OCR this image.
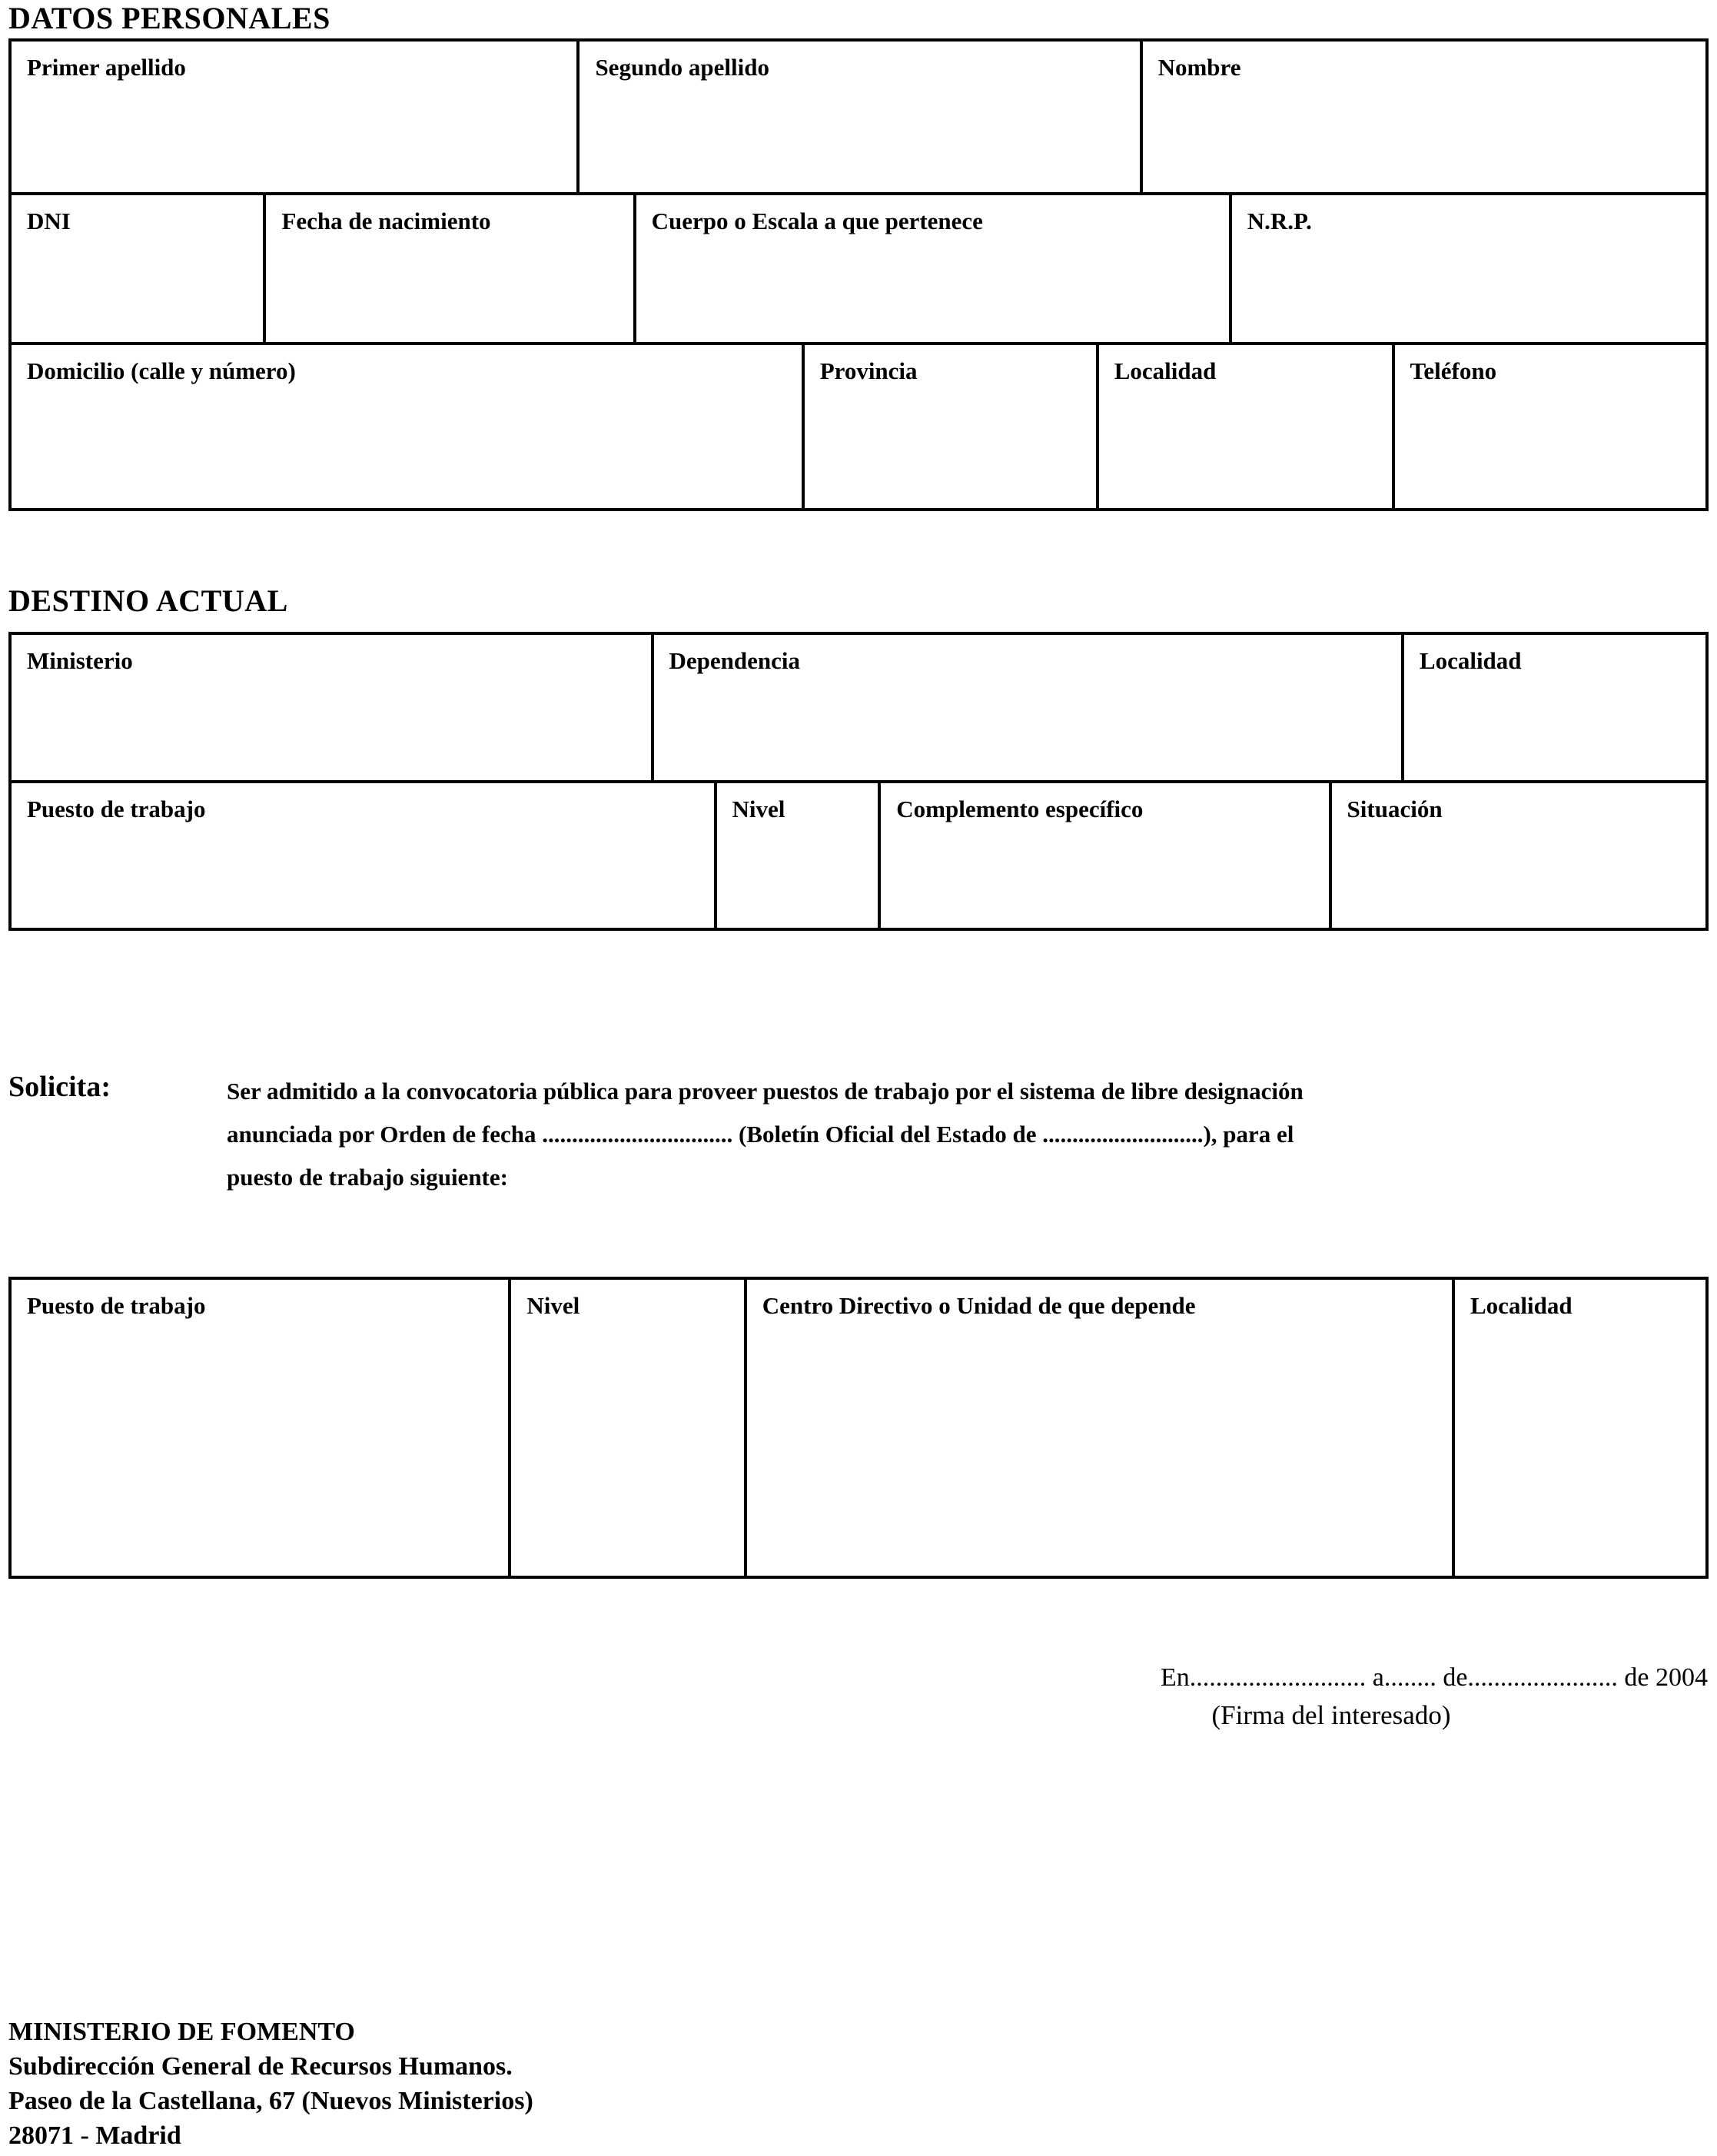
DATOS PERSONALES
Primer apellido	Segundo apellido	Nombre
DNI	Fecha de nacimiento	Cuerpo o Escala a que pertenece	N.R.P.
Domicilio (calle y número)	Provincia	Localidad	Teléfono
DESTINO ACTUAL
Ministerio	Dependencia	Localidad
Puesto de trabajo	Nivel	Complemento específico	Situación
Solicita:	Ser admitido a la convocatoria pública para proveer puestos de trabajo por el sistema de libre designación
anunciada por Orden de fecha ................................ (Boletín Oficial del Estado de ...........................), para el
puesto de trabajo siguiente:
Puesto de trabajo	Nivel	Centro Directivo o Unidad de que depende	Localidad
En........................... a........ de....................... de 2004
(Firma del interesado)
MINISTERIO DE FOMENTO
Subdirección General de Recursos Humanos.
Paseo de la Castellana, 67 (Nuevos Ministerios)
28071 - Madrid
